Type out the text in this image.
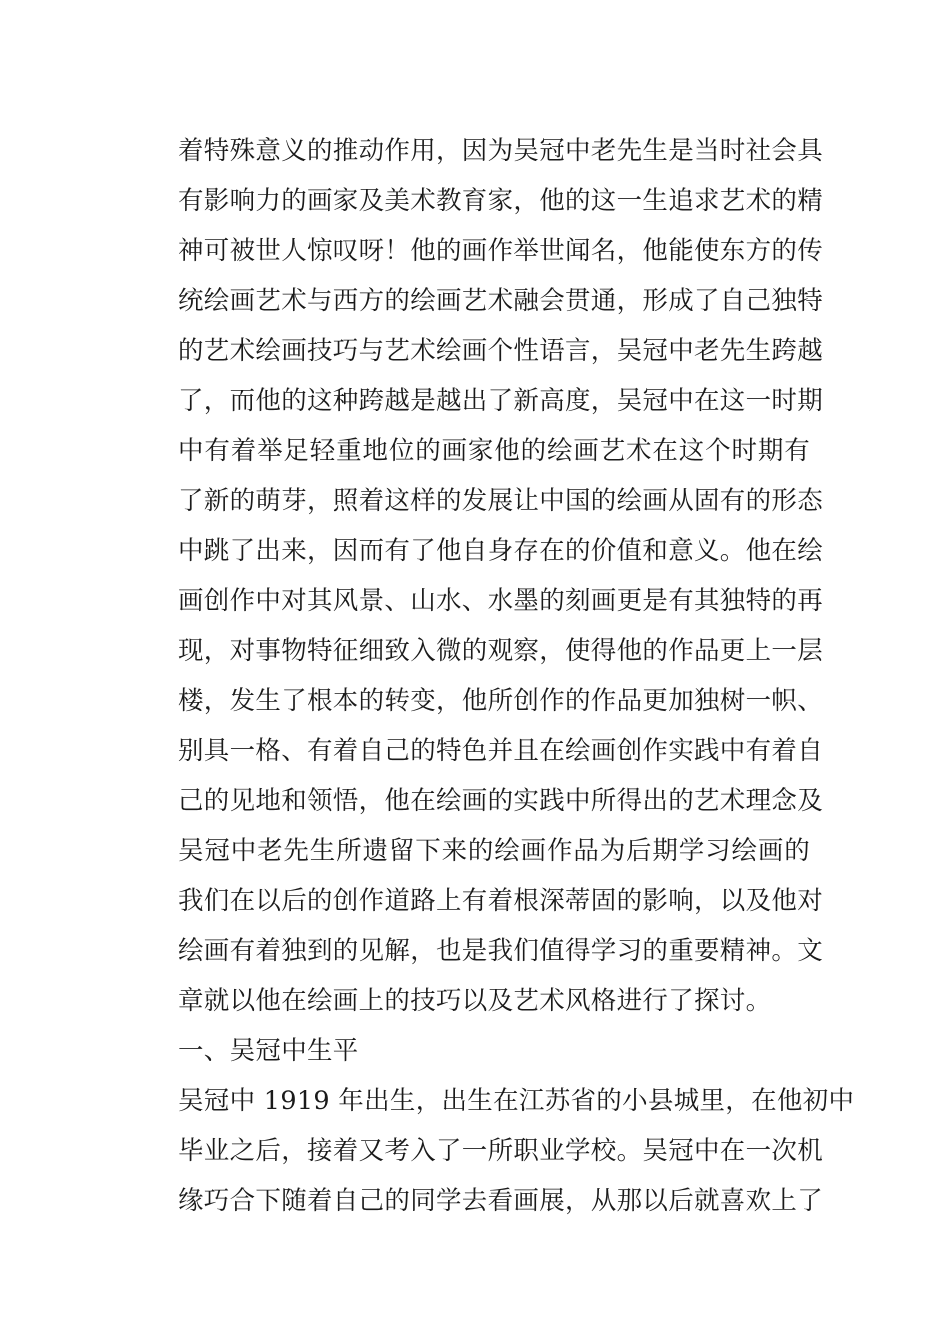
着特殊意义的推动作用，因为吴冠中老先生是当时社会具
有影响力的画家及美术教育家，他的这一生追求艺术的精
神可被世人惊叹呀！他的画作举世闻名，他能使东方的传
统绘画艺术与西方的绘画艺术融会贯通，形成了自己独特
的艺术绘画技巧与艺术绘画个性语言，吴冠中老先生跨越
了，而他的这种跨越是越出了新高度，吴冠中在这一时期
中有着举足轻重地位的画家他的绘画艺术在这个时期有
了新的萌芽，照着这样的发展让中国的绘画从固有的形态
中跳了出来，因而有了他自身存在的价值和意义。他在绘
画创作中对其风景、山水、水墨的刻画更是有其独特的再
现，对事物特征细致入微的观察，使得他的作品更上一层
楼，发生了根本的转变，他所创作的作品更加独树一帜、
别具一格、有着自己的特色并且在绘画创作实践中有着自
己的见地和领悟，他在绘画的实践中所得出的艺术理念及
吴冠中老先生所遗留下来的绘画作品为后期学习绘画的
我们在以后的创作道路上有着根深蒂固的影响，以及他对
绘画有着独到的见解，也是我们值得学习的重要精神。文
章就以他在绘画上的技巧以及艺术风格进行了探讨。
一、吴冠中生平
吴冠中 1919 年出生，出生在江苏省的小县城里，在他初中
毕业之后，接着又考入了一所职业学校。吴冠中在一次机
缘巧合下随着自己的同学去看画展，从那以后就喜欢上了
